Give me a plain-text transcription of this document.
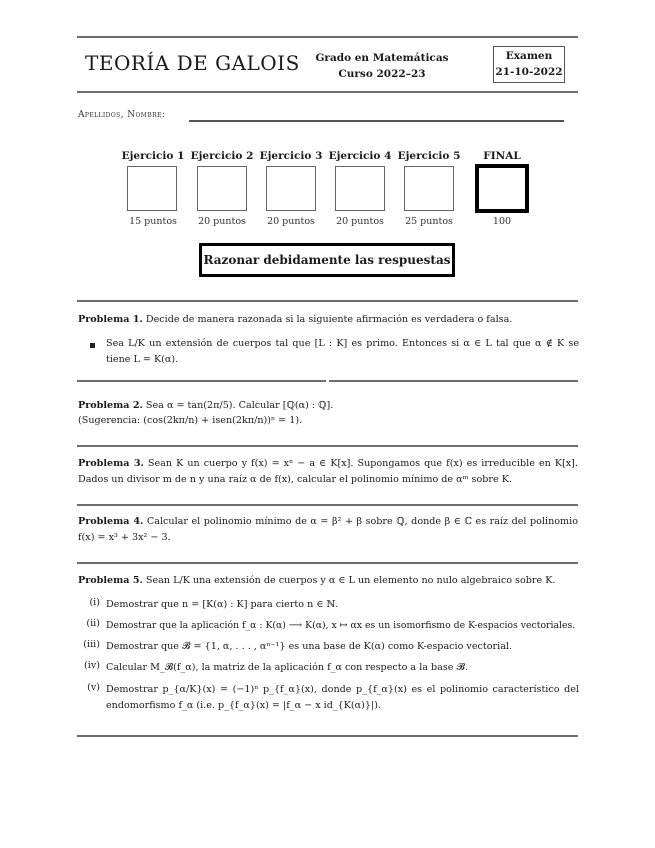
TEORÍA DE GALOIS	Grado en Matemáticas
Curso 2022–23
Examen
21-10-2022
Apellidos, Nombre:
Ejercicio 1
15 puntos
Ejercicio 2
20 puntos
Ejercicio 3
20 puntos
Ejercicio 4
20 puntos
Ejercicio 5
25 puntos
FINAL
100
Razonar debidamente las respuestas
Problema 1. Decide de manera razonada si la siguiente afirmación es verdadera o falsa.
Sea L/K un extensión de cuerpos tal que [L : K] es primo. Entonces si α ∈ L tal que α ∉ K se tiene L = K(α).
Problema 2. Sea α = tan(2π/5). Calcular [ℚ(α) : ℚ].
(Sugerencia: (cos(2kπ/n) + isen(2kπ/n))ⁿ = 1).
Problema 3. Sean K un cuerpo y f(x) = xⁿ − a ∈ K[x]. Supongamos que f(x) es irreducible en K[x]. Dados un divisor m de n y una raíz α de f(x), calcular el polinomio mínimo de αᵐ sobre K.
Problema 4. Calcular el polinomio mínimo de α = β² + β sobre ℚ, donde β ∈ ℂ es raíz del polinomio f(x) = x³ + 3x² − 3.
Problema 5. Sean L/K una extensión de cuerpos y α ∈ L un elemento no nulo algebraico sobre K.
(i) Demostrar que n = [K(α) : K] para cierto n ∈ ℕ.
(ii) Demostrar que la aplicación f_α : K(α) ⟶ K(α), x ↦ αx es un isomorfismo de K-espacios vectoriales.
(iii) Demostrar que 𝓑 = {1, α, . . . , αⁿ⁻¹} es una base de K(α) como K-espacio vectorial.
(iv) Calcular M_𝓑(f_α), la matriz de la aplicación f_α con respecto a la base 𝓑.
(v) Demostrar p_{α/K}(x) = (−1)ⁿ p_{f_α}(x), donde p_{f_α}(x) es el polinomio característico del endomorfismo f_α (i.e. p_{f_α}(x) = |f_α − x id_{K(α)}|).
